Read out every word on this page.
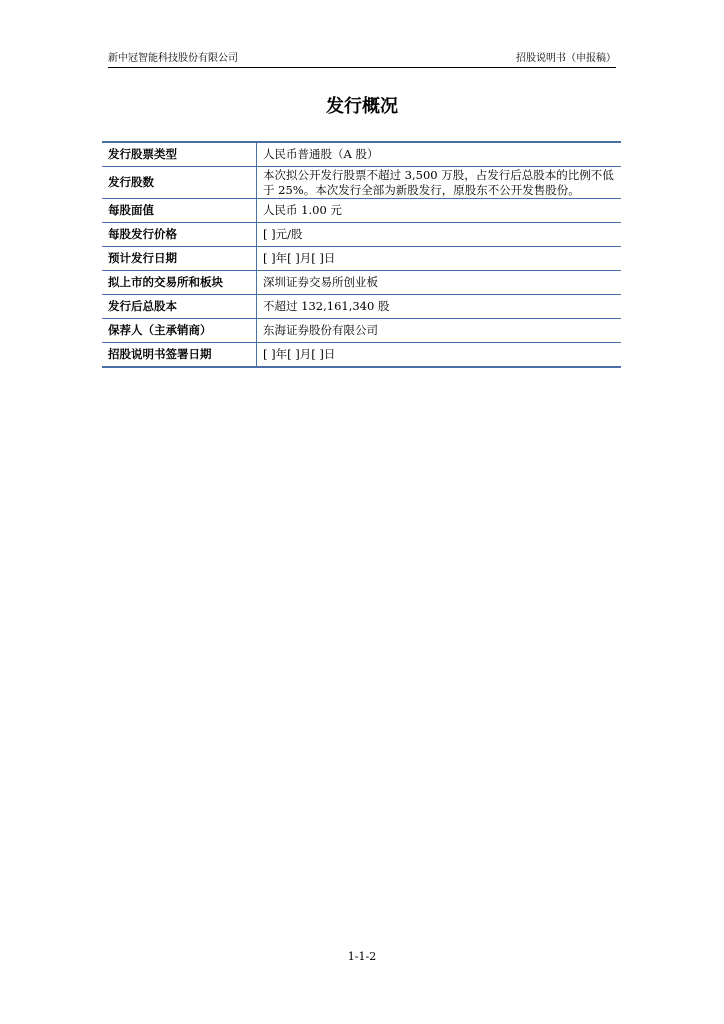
新中冠智能科技股份有限公司	招股说明书（申报稿）
发行概况
发行股票类型	人民币普通股（A 股）
发行股数	本次拟公开发行股票不超过 3,500 万股，占发行后总股本的比例不低于 25%。本次发行全部为新股发行，原股东不公开发售股份。
每股面值	人民币 1.00 元
每股发行价格	[ ]元/股
预计发行日期	[ ]年[ ]月[ ]日
拟上市的交易所和板块	深圳证券交易所创业板
发行后总股本	不超过 132,161,340 股
保荐人（主承销商）	东海证券股份有限公司
招股说明书签署日期	[ ]年[ ]月[ ]日
1-1-2
